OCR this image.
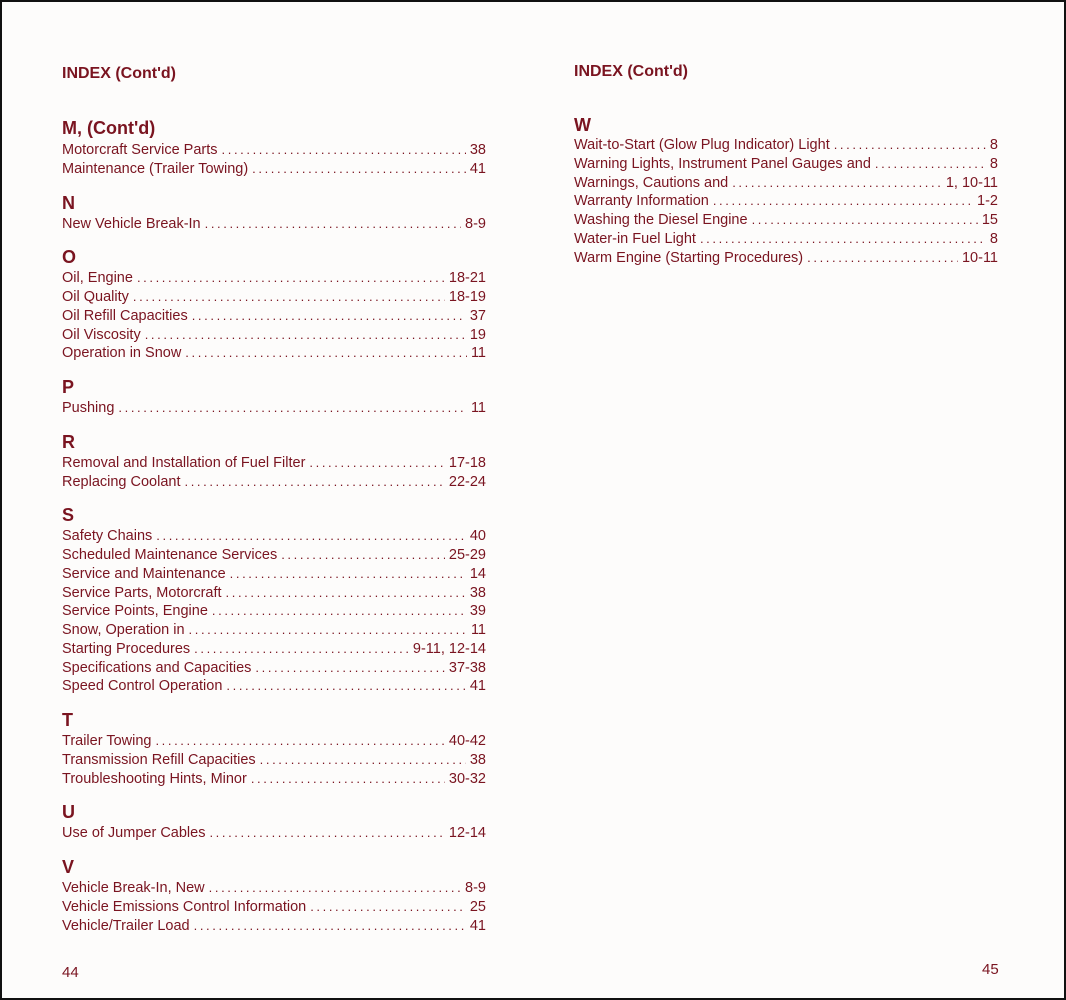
INDEX (Cont'd)
M, (Cont'd)
Motorcraft Service Parts .....	38
Maintenance (Trailer Towing) .....	41
N
New Vehicle Break-In .....	8-9
O
Oil, Engine .....	18-21
Oil Quality .....	18-19
Oil Refill Capacities .....	37
Oil Viscosity .....	19
Operation in Snow .....	11
P
Pushing .....	11
R
Removal and Installation of Fuel Filter .....	17-18
Replacing Coolant .....	22-24
S
Safety Chains .....	40
Scheduled Maintenance Services .....	25-29
Service and Maintenance .....	14
Service Parts, Motorcraft .....	38
Service Points, Engine .....	39
Snow, Operation in .....	11
Starting Procedures .....	9-11, 12-14
Specifications and Capacities .....	37-38
Speed Control Operation .....	41
T
Trailer Towing .....	40-42
Transmission Refill Capacities .....	38
Troubleshooting Hints, Minor .....	30-32
U
Use of Jumper Cables .....	12-14
V
Vehicle Break-In, New .....	8-9
Vehicle Emissions Control Information .....	25
Vehicle/Trailer Load .....	41
INDEX (Cont'd)
W
Wait-to-Start (Glow Plug Indicator) Light .....	8
Warning Lights, Instrument Panel Gauges and .....	8
Warnings, Cautions and .....	1, 10-11
Warranty Information .....	1-2
Washing the Diesel Engine .....	15
Water-in Fuel Light .....	8
Warm Engine (Starting Procedures) .....	10-11
44	45
